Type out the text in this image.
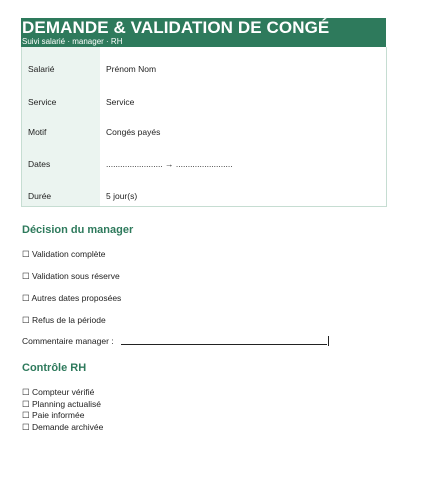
DEMANDE & VALIDATION DE CONGÉ
Suivi salarié · manager · RH
Salarié	Prénom Nom
Service	Service
Motif	Congés payés
Dates	........................ → ........................
Durée	5 jour(s)
Décision du manager
☐ Validation complète
☐ Validation sous réserve
☐ Autres dates proposées
☐ Refus de la période
Commentaire manager :
Contrôle RH
☐ Compteur vérifié
☐ Planning actualisé
☐ Paie informée
☐ Demande archivée
